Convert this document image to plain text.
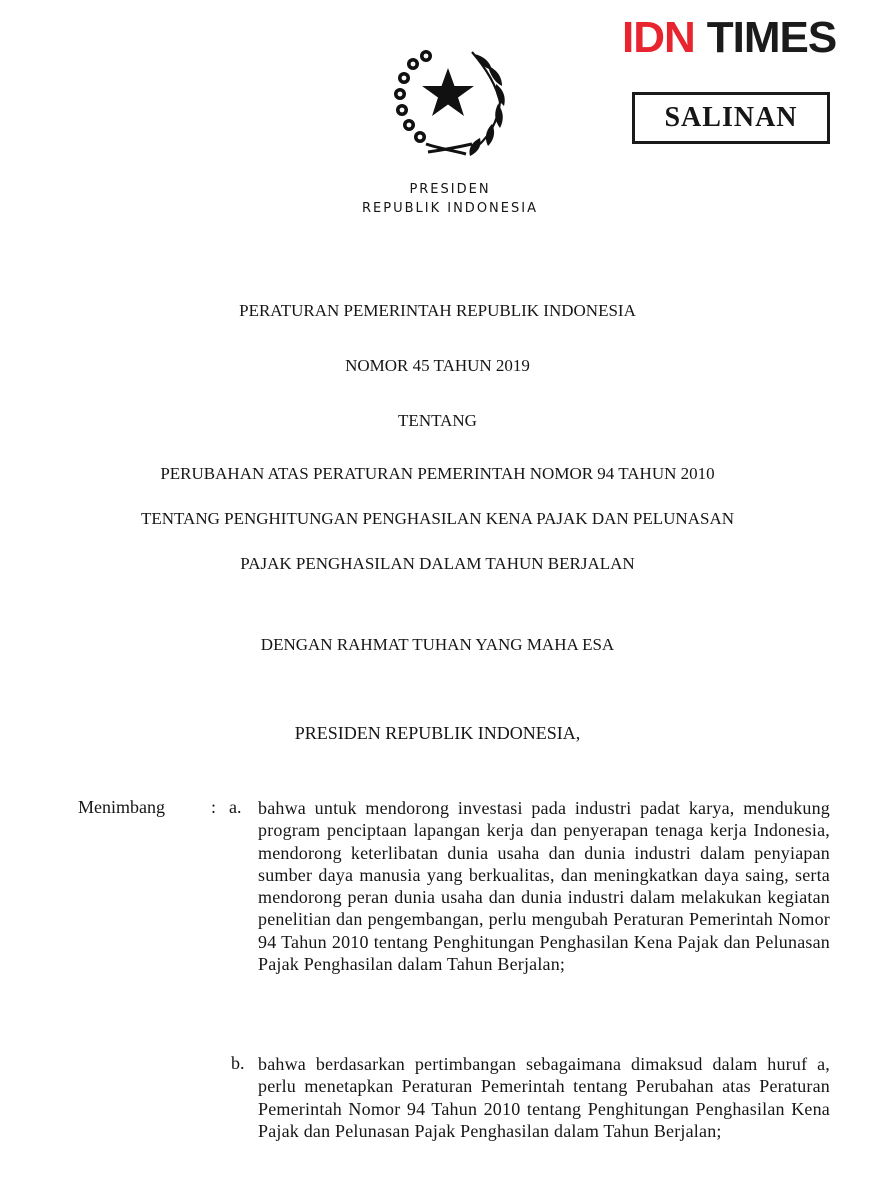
IDN TIMES
SALINAN
PRESIDEN
REPUBLIK INDONESIA
PERATURAN PEMERINTAH REPUBLIK INDONESIA
NOMOR 45 TAHUN 2019
TENTANG
PERUBAHAN ATAS PERATURAN PEMERINTAH NOMOR 94 TAHUN 2010
TENTANG PENGHITUNGAN PENGHASILAN KENA PAJAK DAN PELUNASAN
PAJAK PENGHASILAN DALAM TAHUN BERJALAN
DENGAN RAHMAT TUHAN YANG MAHA ESA
PRESIDEN REPUBLIK INDONESIA,
Menimbang	: a. bahwa untuk mendorong investasi pada industri padat karya, mendukung program penciptaan lapangan kerja dan penyerapan tenaga kerja Indonesia, mendorong keterlibatan dunia usaha dan dunia industri dalam penyiapan sumber daya manusia yang berkualitas, dan meningkatkan daya saing, serta mendorong peran dunia usaha dan dunia industri dalam melakukan kegiatan penelitian dan pengembangan, perlu mengubah Peraturan Pemerintah Nomor 94 Tahun 2010 tentang Penghitungan Penghasilan Kena Pajak dan Pelunasan Pajak Penghasilan dalam Tahun Berjalan;
b. bahwa berdasarkan pertimbangan sebagaimana dimaksud dalam huruf a, perlu menetapkan Peraturan Pemerintah tentang Perubahan atas Peraturan Pemerintah Nomor 94 Tahun 2010 tentang Penghitungan Penghasilan Kena Pajak dan Pelunasan Pajak Penghasilan dalam Tahun Berjalan;
